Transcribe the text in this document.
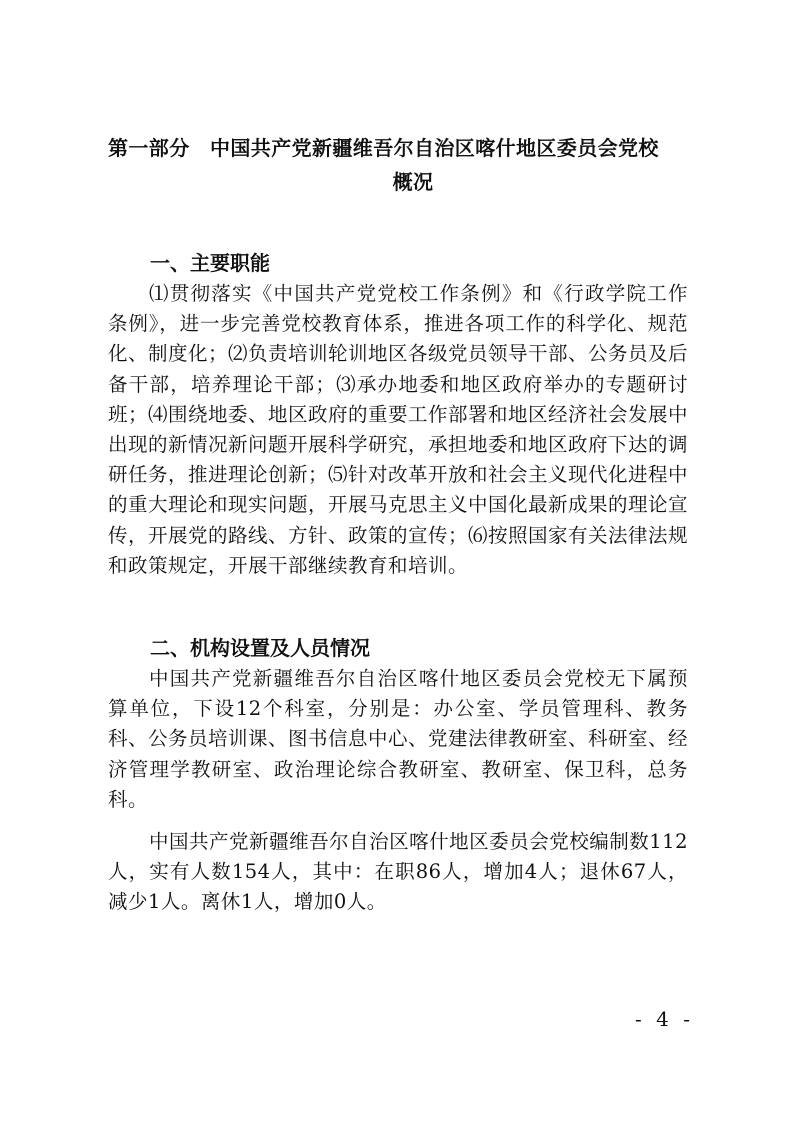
第一部分　中国共产党新疆维吾尔自治区喀什地区委员会党校
概况
一、主要职能

⑴贯彻落实《中国共产党党校工作条例》和《行政学院工作条例》，进一步完善党校教育体系，推进各项工作的科学化、规范化、制度化；⑵负责培训轮训地区各级党员领导干部、公务员及后备干部，培养理论干部；⑶承办地委和地区政府举办的专题研讨班；⑷围绕地委、地区政府的重要工作部署和地区经济社会发展中出现的新情况新问题开展科学研究，承担地委和地区政府下达的调研任务，推进理论创新；⑸针对改革开放和社会主义现代化进程中的重大理论和现实问题，开展马克思主义中国化最新成果的理论宣传，开展党的路线、方针、政策的宣传；⑹按照国家有关法律法规和政策规定，开展干部继续教育和培训。

二、机构设置及人员情况

中国共产党新疆维吾尔自治区喀什地区委员会党校无下属预算单位，下设12个科室，分别是：办公室、学员管理科、教务科、公务员培训课、图书信息中心、党建法律教研室、科研室、经济管理学教研室、政治理论综合教研室、教研室、保卫科，总务科。

中国共产党新疆维吾尔自治区喀什地区委员会党校编制数112人，实有人数154人，其中：在职86人，增加4人；退休67人，减少1人。离休1人，增加0人。

- 4 -
